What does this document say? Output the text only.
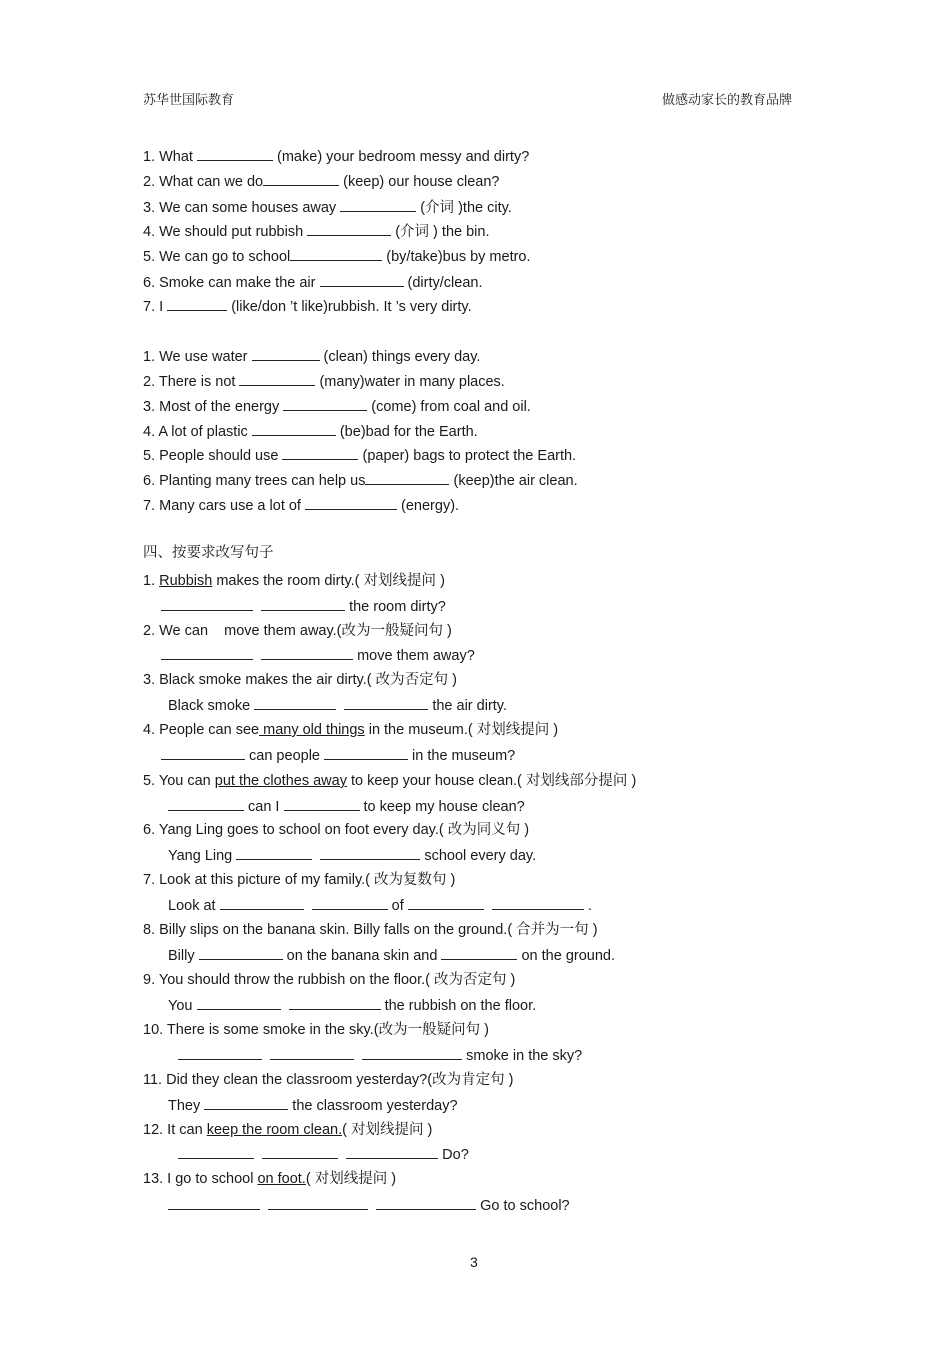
苏华世国际教育	做感动家长的教育品牌
1. What	(make) your bedroom messy and dirty?
2. What can we do	(keep) our house clean?
3. We can some houses away	(介词 )the city.
4. We should put rubbish	(介词 ) the bin.
5. We can go to school	(by/take)bus by metro.
6. Smoke can make the air	(dirty/clean.
7. I	(like/don ’t like)rubbish. It ’s very dirty.
1. We use water	(clean) things every day.
2. There is not	(many)water in many places.
3. Most of the energy	(come) from coal and oil.
4. A lot of plastic	(be)bad for the Earth.
5. People should use	(paper) bags to protect the Earth.
6. Planting many trees can help us	(keep)the air clean.
7. Many cars use a lot of	(energy).
四、按要求改写句子
1. Rubbish makes the room dirty.( 对划线提问 )
the room dirty?
2. We can    move them away.(改为一般疑问句 )
move them away?
3. Black smoke makes the air dirty.( 改为否定句 )
Black smoke	the air dirty.
4. People can see many old things in the museum.( 对划线提问 )
can people	in the museum?
5. You can put the clothes away to keep your house clean.( 对划线部分提问 )
can I	to keep my house clean?
6. Yang Ling goes to school on foot every day.( 改为同义句 )
Yang Ling	school every day.
7. Look at this picture of my family.( 改为复数句 )
Look at	of	.
8. Billy slips on the banana skin. Billy falls on the ground.( 合并为一句 )
Billy	on the banana skin and	on the ground.
9. You should throw the rubbish on the floor.( 改为否定句 )
You	the rubbish on the floor.
10. There is some smoke in the sky.(改为一般疑问句 )
smoke in the sky?
11. Did they clean the classroom yesterday?(改为肯定句 )
They	the classroom yesterday?
12. It can keep the room clean.( 对划线提问 )
Do?
13. I go to school on foot.( 对划线提问 )
Go to school?
3
